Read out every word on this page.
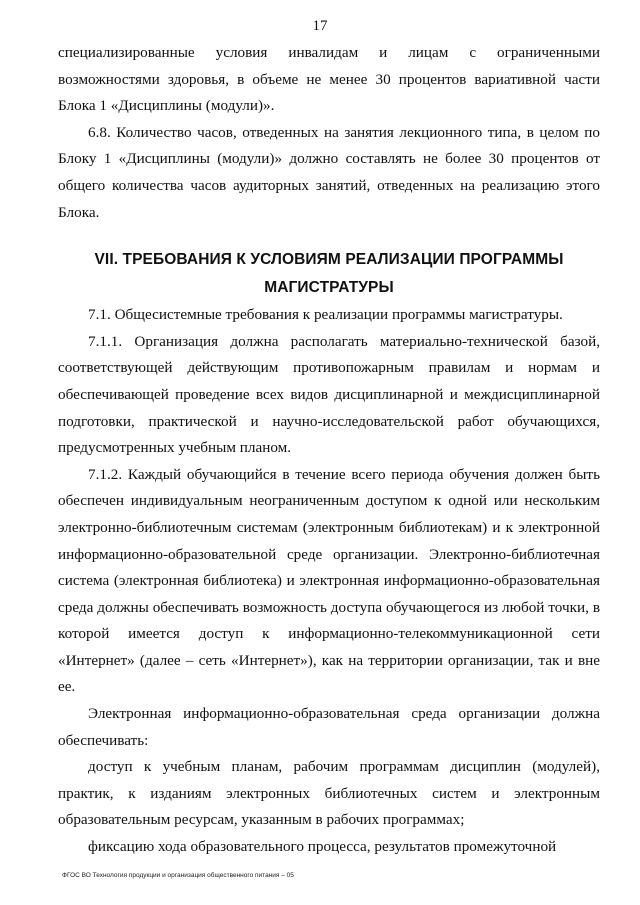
17

специализированные условия инвалидам и лицам с ограниченными возможностями здоровья, в объеме не менее 30 процентов вариативной части Блока 1 «Дисциплины (модули)».

6.8. Количество часов, отведенных на занятия лекционного типа, в целом по Блоку 1 «Дисциплины (модули)» должно составлять не более 30 процентов от общего количества часов аудиторных занятий, отведенных на реализацию этого Блока.

VII. ТРЕБОВАНИЯ К УСЛОВИЯМ РЕАЛИЗАЦИИ ПРОГРАММЫ
МАГИСТРАТУРЫ

7.1. Общесистемные требования к реализации программы магистратуры.

7.1.1. Организация должна располагать материально-технической базой, соответствующей действующим противопожарным правилам и нормам и обеспечивающей проведение всех видов дисциплинарной и междисциплинарной подготовки, практической и научно-исследовательской работ обучающихся, предусмотренных учебным планом.

7.1.2. Каждый обучающийся в течение всего периода обучения должен быть обеспечен индивидуальным неограниченным доступом к одной или нескольким электронно-библиотечным системам (электронным библиотекам) и к электронной информационно-образовательной среде организации. Электронно-библиотечная система (электронная библиотека) и электронная информационно-образовательная среда должны обеспечивать возможность доступа обучающегося из любой точки, в которой имеется доступ к информационно-телекоммуникационной сети «Интернет» (далее – сеть «Интернет»), как на территории организации, так и вне ее.

Электронная информационно-образовательная среда организации должна обеспечивать:

доступ к учебным планам, рабочим программам дисциплин (модулей), практик, к изданиям электронных библиотечных систем и электронным образовательным ресурсам, указанным в рабочих программах;

фиксацию хода образовательного процесса, результатов промежуточной

ФГОС ВО Технология продукции и организация общественного питания – 05
